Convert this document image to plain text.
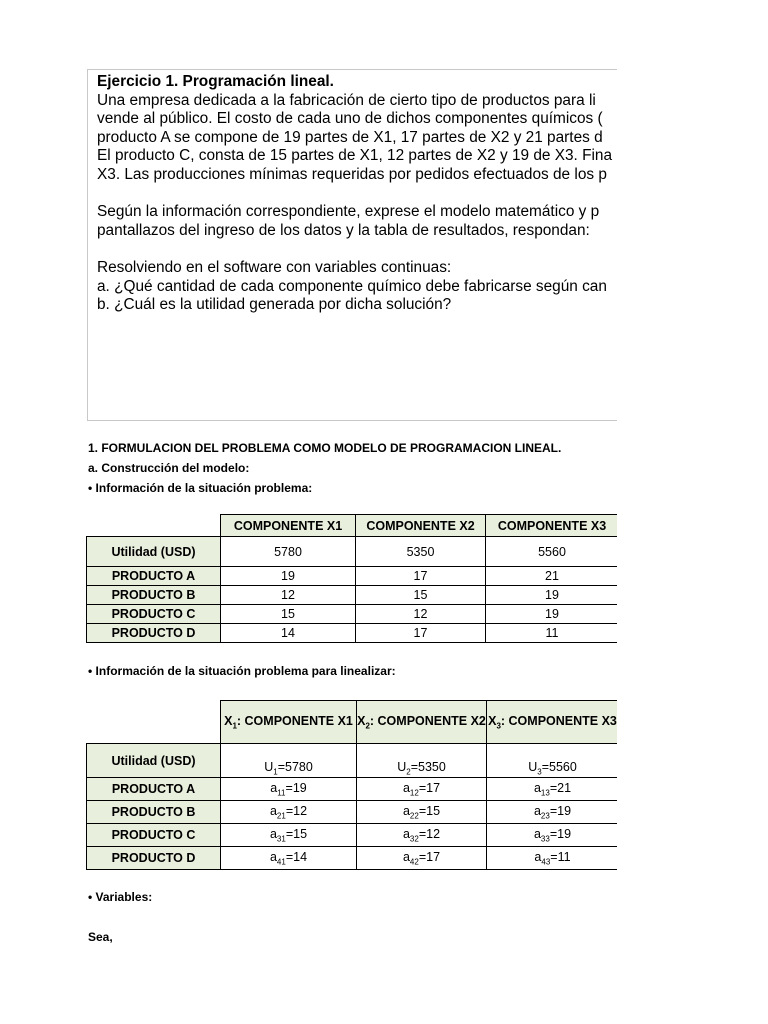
Ejercicio 1. Programación lineal.
Una empresa dedicada a la fabricación de cierto tipo de productos para li
vende al público. El costo de cada uno de dichos componentes químicos (
producto A se compone de 19 partes de X1, 17 partes de X2 y 21 partes d
El producto C, consta de 15 partes de X1, 12 partes de X2 y 19 de X3. Fina
X3. Las producciones mínimas requeridas por pedidos efectuados de los p
Según la información correspondiente, exprese el modelo matemático y p
pantallazos del ingreso de los datos y la tabla de resultados, respondan:
Resolviendo en el software con variables continuas:
a. ¿Qué cantidad de cada componente químico debe fabricarse según can
b. ¿Cuál es la utilidad generada por dicha solución?
1. FORMULACION DEL PROBLEMA COMO MODELO DE PROGRAMACION LINEAL.
a. Construcción del modelo:
• Información de la situación problema:
	COMPONENTE X1	COMPONENTE X2	COMPONENTE X3
Utilidad (USD)	5780	5350	5560
PRODUCTO A	19	17	21
PRODUCTO B	12	15	19
PRODUCTO C	15	12	19
PRODUCTO D	14	17	11
• Información de la situación problema para linealizar:
	$X_1$: COMPONENTE X1	$X_2$: COMPONENTE X2	$X_3$: COMPONENTE X3
Utilidad (USD)	$U_1=5780$	$U_2=5350$	$U_3=5560$
PRODUCTO A	$a_{11}=19$	$a_{12}=17$	$a_{13}=21$
PRODUCTO B	$a_{21}=12$	$a_{22}=15$	$a_{23}=19$
PRODUCTO C	$a_{31}=15$	$a_{32}=12$	$a_{33}=19$
PRODUCTO D	$a_{41}=14$	$a_{42}=17$	$a_{43}=11$
• Variables:
Sea,
